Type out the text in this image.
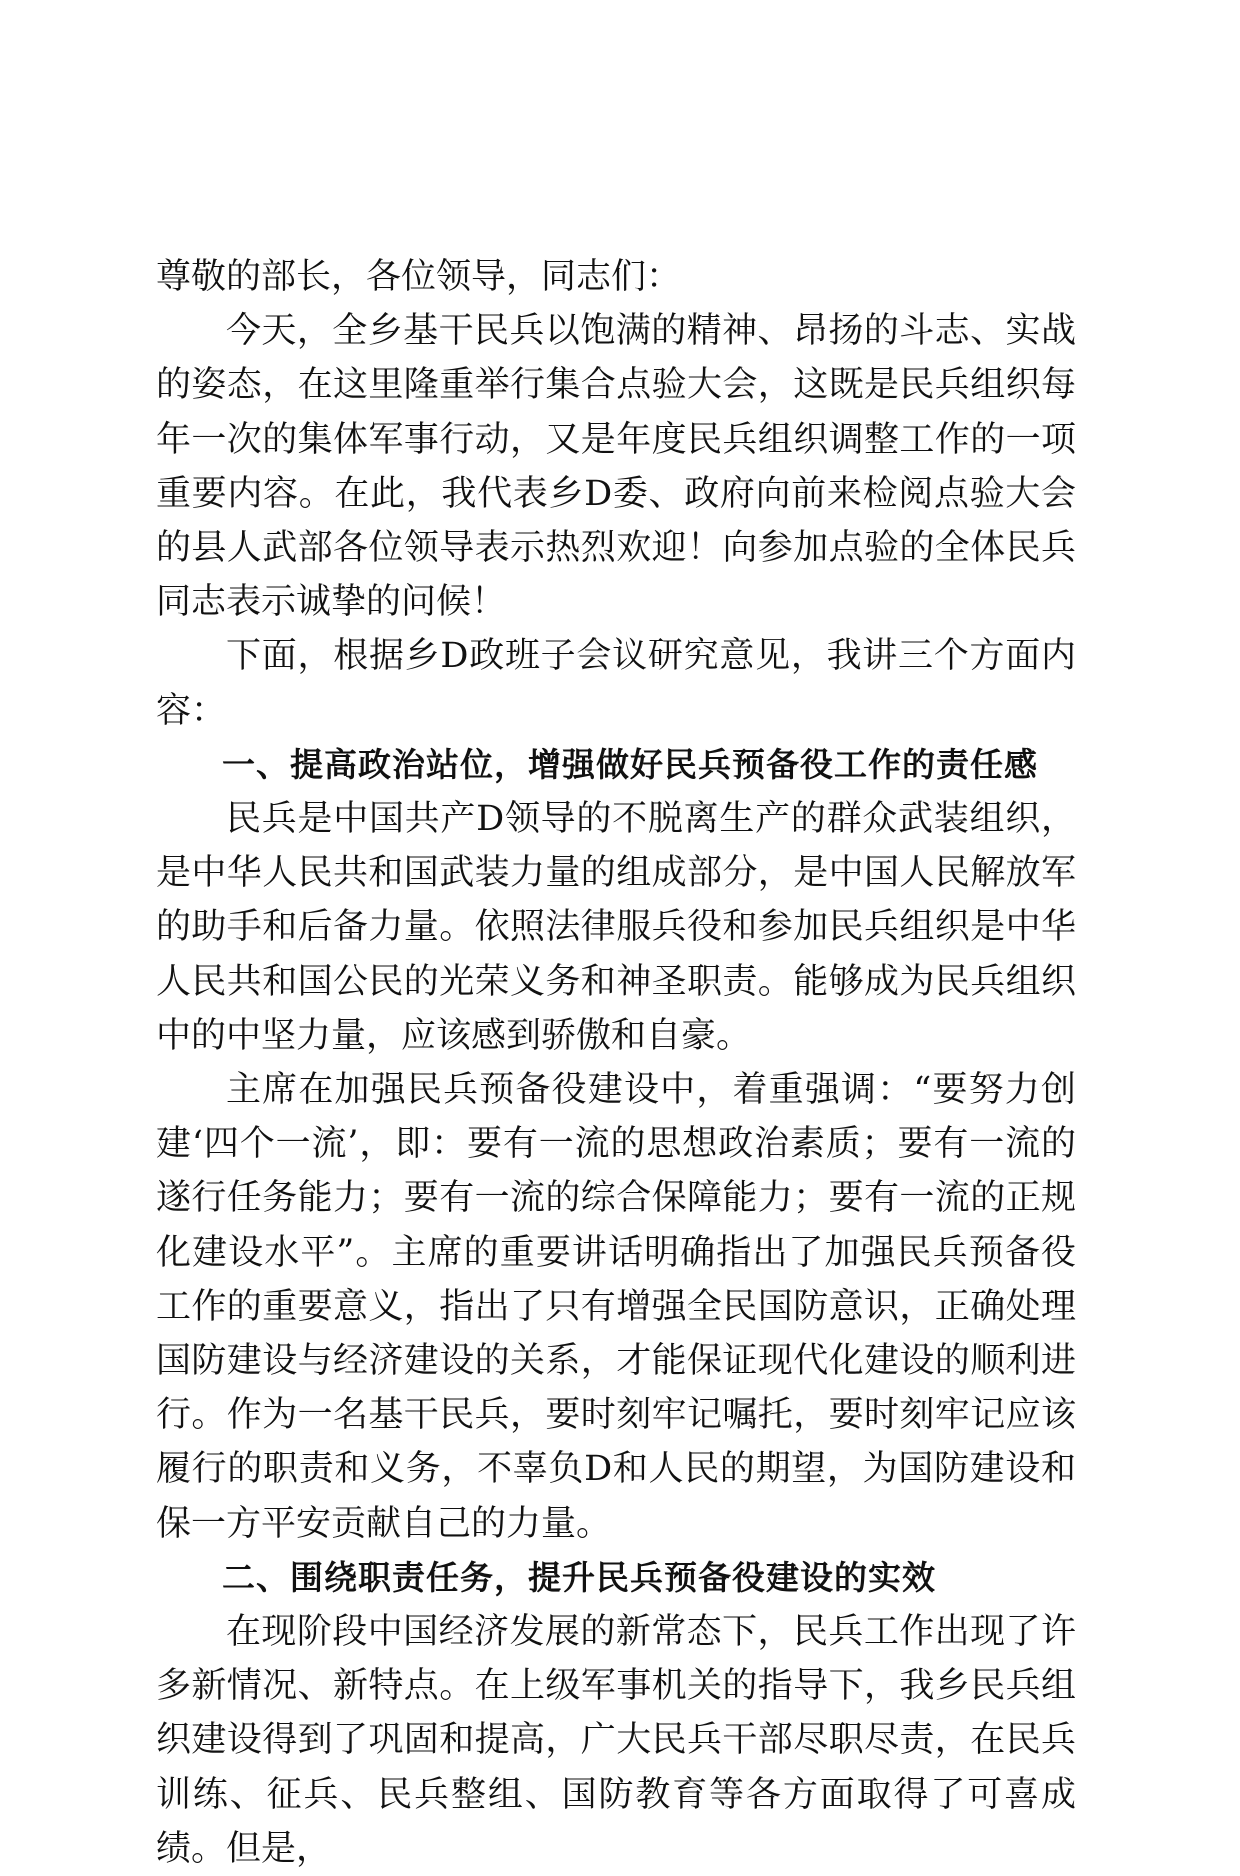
尊敬的部长，各位领导，同志们：

今天，全乡基干民兵以饱满的精神、昂扬的斗志、实战的姿态，在这里隆重举行集合点验大会，这既是民兵组织每年一次的集体军事行动，又是年度民兵组织调整工作的一项重要内容。在此，我代表乡D委、政府向前来检阅点验大会的县人武部各位领导表示热烈欢迎！向参加点验的全体民兵同志表示诚挚的问候！

下面，根据乡D政班子会议研究意见，我讲三个方面内容：

一、提高政治站位，增强做好民兵预备役工作的责任感

民兵是中国共产D领导的不脱离生产的群众武装组织，是中华人民共和国武装力量的组成部分，是中国人民解放军的助手和后备力量。依照法律服兵役和参加民兵组织是中华人民共和国公民的光荣义务和神圣职责。能够成为民兵组织中的中坚力量，应该感到骄傲和自豪。

主席在加强民兵预备役建设中，着重强调：“要努力创建‘四个一流’，即：要有一流的思想政治素质；要有一流的遂行任务能力；要有一流的综合保障能力；要有一流的正规化建设水平”。主席的重要讲话明确指出了加强民兵预备役工作的重要意义，指出了只有增强全民国防意识，正确处理国防建设与经济建设的关系，才能保证现代化建设的顺利进行。作为一名基干民兵，要时刻牢记嘱托，要时刻牢记应该履行的职责和义务，不辜负D和人民的期望，为国防建设和保一方平安贡献自己的力量。

二、围绕职责任务，提升民兵预备役建设的实效

在现阶段中国经济发展的新常态下，民兵工作出现了许多新情况、新特点。在上级军事机关的指导下，我乡民兵组织建设得到了巩固和提高，广大民兵干部尽职尽责，在民兵训练、征兵、民兵整组、国防教育等各方面取得了可喜成绩。但是，
